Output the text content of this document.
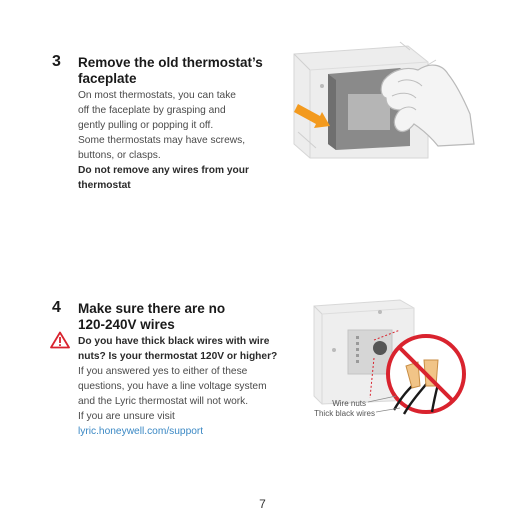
3 Remove the old thermostat’s
faceplate

On most thermostats, you can take

off the faceplate by grasping and

gently pulling or popping it off.

Some thermostats may have screws,

buttons, or clasps.

Do not remove any wires from your

thermostat

4 Make sure there are no
120-240V wires

Do you have thick black wires with wire

nuts? Is your thermostat 120V or higher?

If you answered yes to either of these

questions, you have a line voltage system

and the Lyric thermostat will not work.

If you are unsure visit

lyric.honeywell.com/support

Wire nuts
Thick black wires
7
